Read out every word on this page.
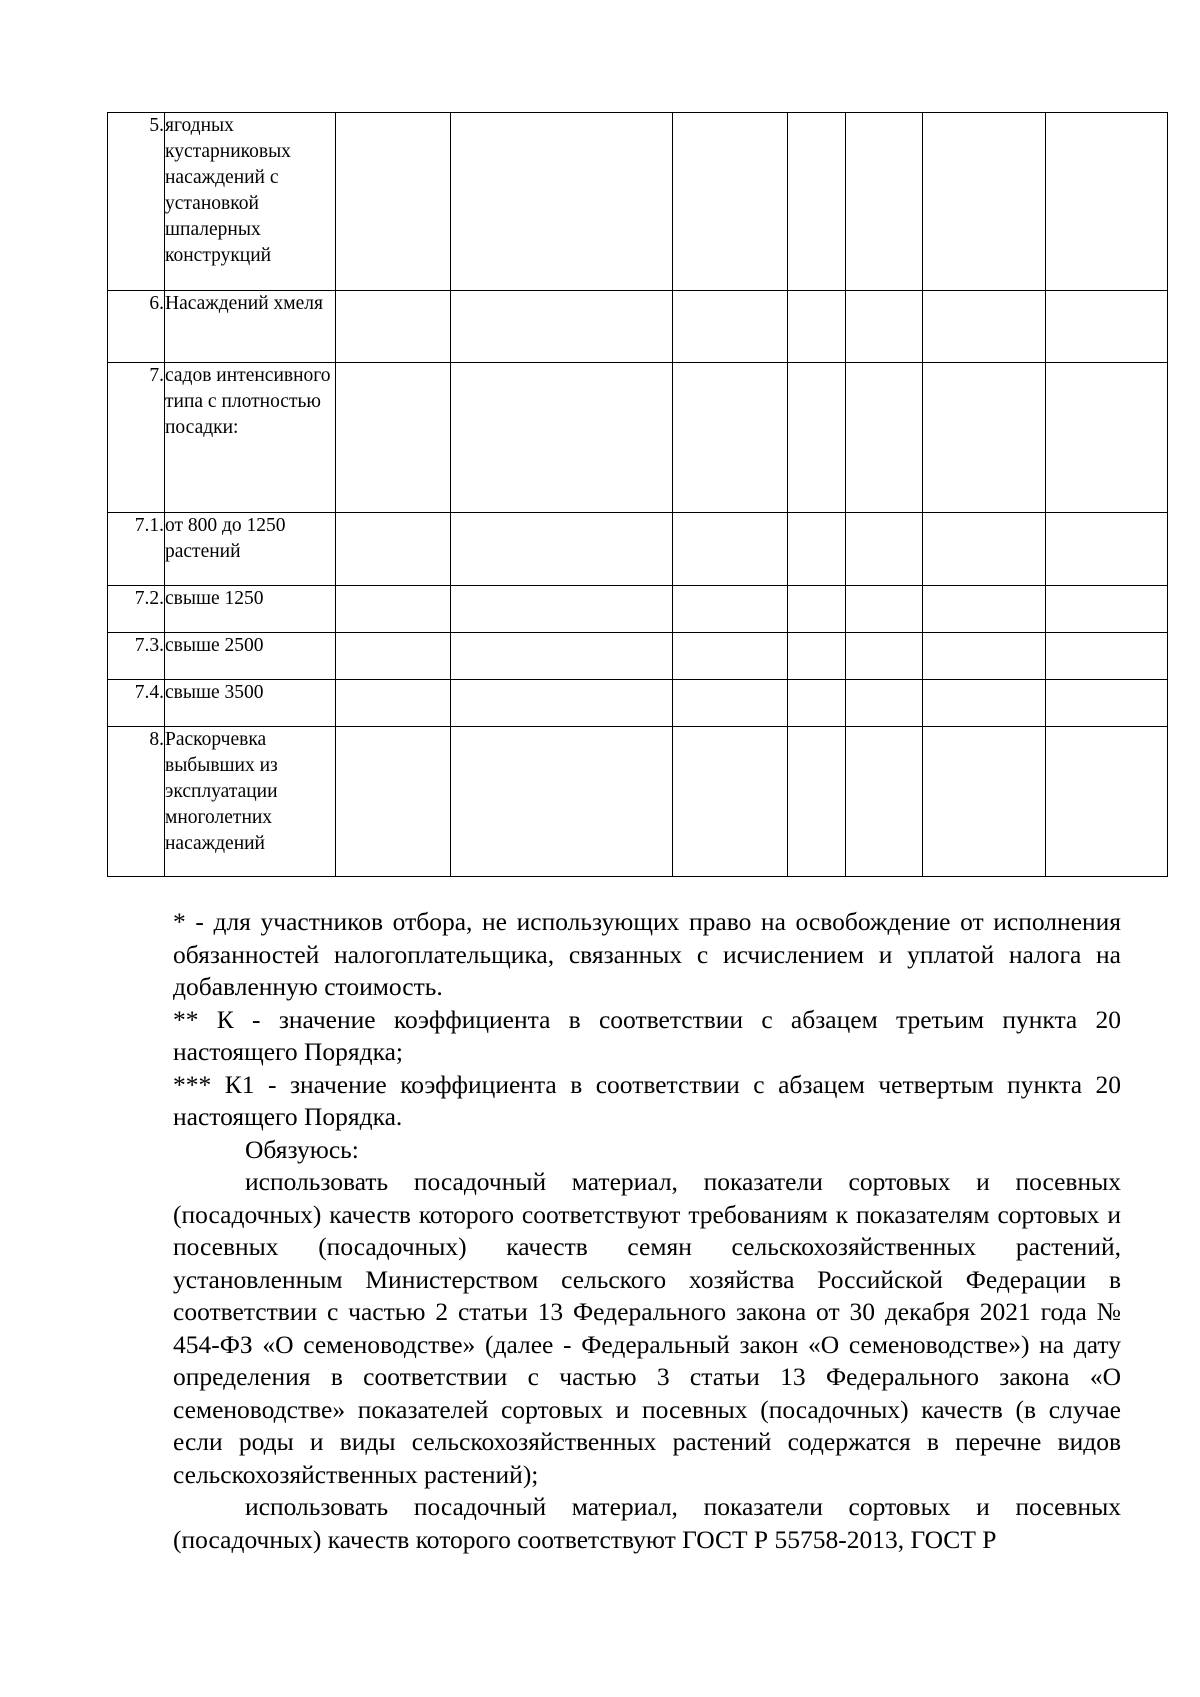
5.	ягодных кустарниковых насаждений с установкой шпалерных конструкций							
6.	Насаждений хмеля							
7.	садов интенсивного типа с плотностью посадки:							
7.1.	от 800 до 1250 растений							
7.2.	свыше 1250							
7.3.	свыше 2500							
7.4.	свыше 3500							
8.	Раскорчевка выбывших из эксплуатации многолетних насаждений							

* - для участников отбора, не использующих право на освобождение от исполнения обязанностей налогоплательщика, связанных с исчислением и уплатой налога на добавленную стоимость.

** К - значение коэффициента в соответствии с абзацем третьим пункта 20 настоящего Порядка;

*** К1 - значение коэффициента в соответствии с абзацем четвертым пункта 20 настоящего Порядка.

Обязуюсь:

использовать посадочный материал, показатели сортовых и посевных (посадочных) качеств которого соответствуют требованиям к показателям сортовых и посевных (посадочных) качеств семян сельскохозяйственных растений, установленным Министерством сельского хозяйства Российской Федерации в соответствии с частью 2 статьи 13 Федерального закона от 30 декабря 2021 года № 454-ФЗ «О семеноводстве» (далее - Федеральный закон «О семеноводстве») на дату определения в соответствии с частью 3 статьи 13 Федерального закона «О семеноводстве» показателей сортовых и посевных (посадочных) качеств (в случае если роды и виды сельскохозяйственных растений содержатся в перечне видов сельскохозяйственных растений);

использовать посадочный материал, показатели сортовых и посевных (посадочных) качеств которого соответствуют ГОСТ Р 55758-2013, ГОСТ Р
